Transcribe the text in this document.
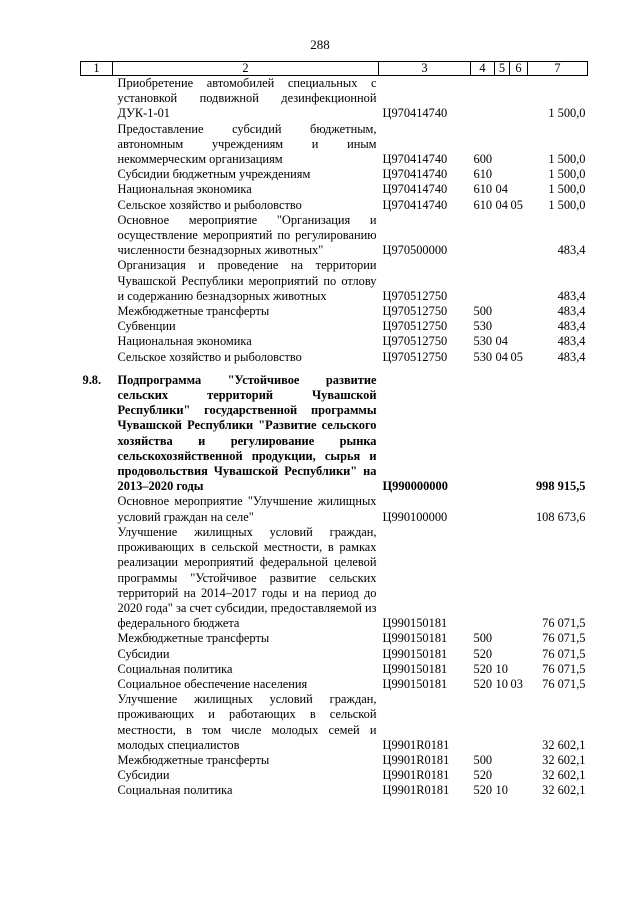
288
1	2	3	4	5	6	7
	Приобретение автомобилей специальных с установкой подвижной дезинфекционной ДУК-1-01	Ц970414740				1 500,0
	Предоставление субсидий бюджетным, автономным учреждениям и иным некоммерческим организациям	Ц970414740	600			1 500,0
	Субсидии бюджетным учреждениям	Ц970414740	610			1 500,0
	Национальная экономика	Ц970414740	610	04		1 500,0
	Сельское хозяйство и рыболовство	Ц970414740	610	04	05	1 500,0
	Основное мероприятие "Организация и осуществление мероприятий по регулированию численности безнадзорных животных"	Ц970500000				483,4
	Организация и проведение на территории Чувашской Республики мероприятий по отлову и содержанию безнадзорных животных	Ц970512750				483,4
	Межбюджетные трансферты	Ц970512750	500			483,4
	Субвенции	Ц970512750	530			483,4
	Национальная экономика	Ц970512750	530	04		483,4
	Сельское хозяйство и рыболовство	Ц970512750	530	04	05	483,4

9.8.	Подпрограмма "Устойчивое развитие сельских территорий Чувашской Республики" государственной программы Чувашской Республики "Развитие сельского хозяйства и регулирование рынка сельскохозяйственной продукции, сырья и продовольствия Чувашской Республики" на 2013–2020 годы	Ц990000000				998 915,5
	Основное мероприятие "Улучшение жилищных условий граждан на селе"	Ц990100000				108 673,6
	Улучшение жилищных условий граждан, проживающих в сельской местности, в рамках реализации мероприятий федеральной целевой программы "Устойчивое развитие сельских территорий на 2014–2017 годы и на период до 2020 года" за счет субсидии, предоставляемой из федерального бюджета	Ц990150181				76 071,5
	Межбюджетные трансферты	Ц990150181	500			76 071,5
	Субсидии	Ц990150181	520			76 071,5
	Социальная политика	Ц990150181	520	10		76 071,5
	Социальное обеспечение населения	Ц990150181	520	10	03	76 071,5
	Улучшение жилищных условий граждан, проживающих и работающих в сельской местности, в том числе молодых семей и молодых специалистов	Ц9901R0181				32 602,1
	Межбюджетные трансферты	Ц9901R0181	500			32 602,1
	Субсидии	Ц9901R0181	520			32 602,1
	Социальная политика	Ц9901R0181	520	10		32 602,1
